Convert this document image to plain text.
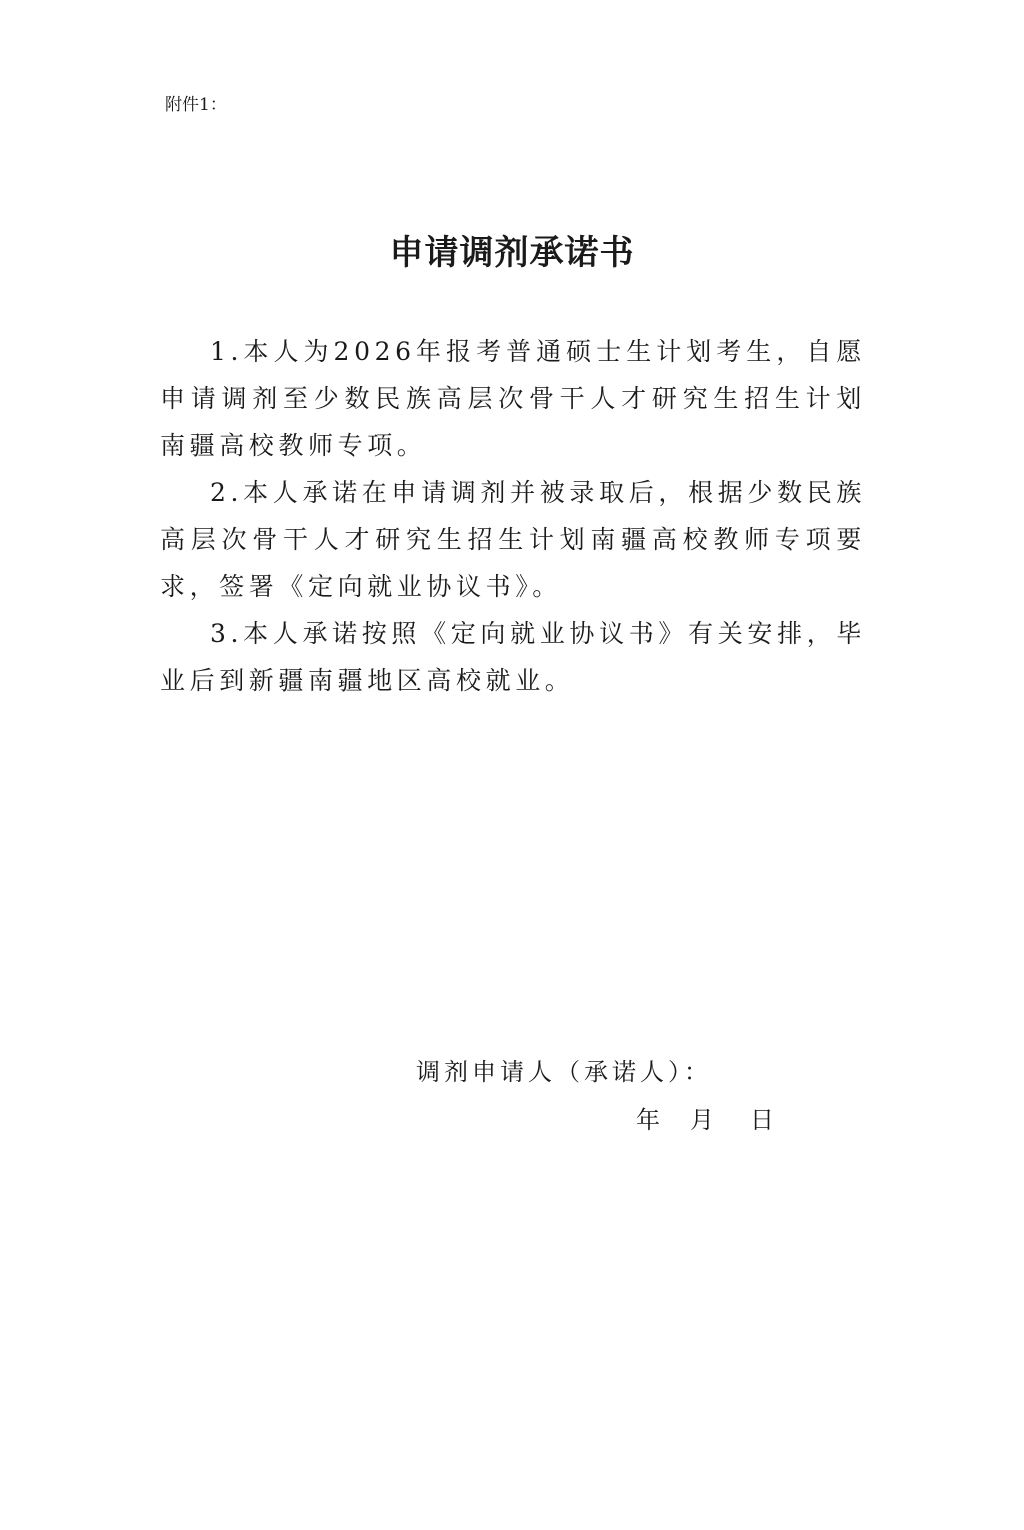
附件1：
申请调剂承诺书

1.本人为2026年报考普通硕士生计划考生，自愿申请调剂至少数民族高层次骨干人才研究生招生计划南疆高校教师专项。

2.本人承诺在申请调剂并被录取后，根据少数民族高层次骨干人才研究生招生计划南疆高校教师专项要求，签署《定向就业协议书》。

3.本人承诺按照《定向就业协议书》有关安排，毕业后到新疆南疆地区高校就业。

调剂申请人（承诺人）：
年 月 日
